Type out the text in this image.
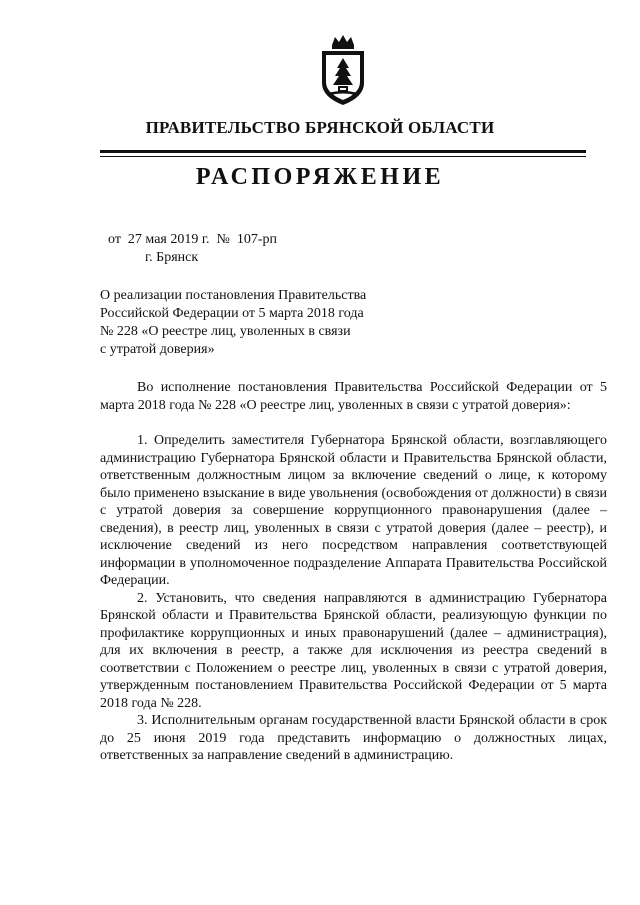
ПРАВИТЕЛЬСТВО БРЯНСКОЙ ОБЛАСТИ
РАСПОРЯЖЕНИЕ
от  27 мая 2019 г.  №  107-рп
г. Брянск
О реализации постановления Правительства
Российской Федерации от 5 марта 2018 года
№ 228 «О реестре лиц, уволенных в связи
с утратой доверия»

Во исполнение постановления Правительства Российской Федерации от 5 марта 2018 года № 228 «О реестре лиц, уволенных в связи с утратой доверия»:

1. Определить заместителя Губернатора Брянской области, возглавляющего администрацию Губернатора Брянской области и Правительства Брянской области, ответственным должностным лицом за включение сведений о лице, к которому было применено взыскание в виде увольнения (освобождения от должности) в связи с утратой доверия за совершение коррупционного правонарушения (далее – сведения), в реестр лиц, уволенных в связи с утратой доверия (далее – реестр), и исключение сведений из него посредством направления соответствующей информации в уполномоченное подразделение Аппарата Правительства Российской Федерации.

2. Установить, что сведения направляются в администрацию Губернатора Брянской области и Правительства Брянской области, реализующую функции по профилактике коррупционных и иных правонарушений (далее – администрация), для их включения в реестр, а также для исключения из реестра сведений в соответствии с Положением о реестре лиц, уволенных в связи с утратой доверия, утвержденным постановлением Правительства Российской Федерации от 5 марта 2018 года № 228.

3. Исполнительным органам государственной власти Брянской области в срок до 25 июня 2019 года представить информацию о должностных лицах, ответственных за направление сведений в администрацию.
